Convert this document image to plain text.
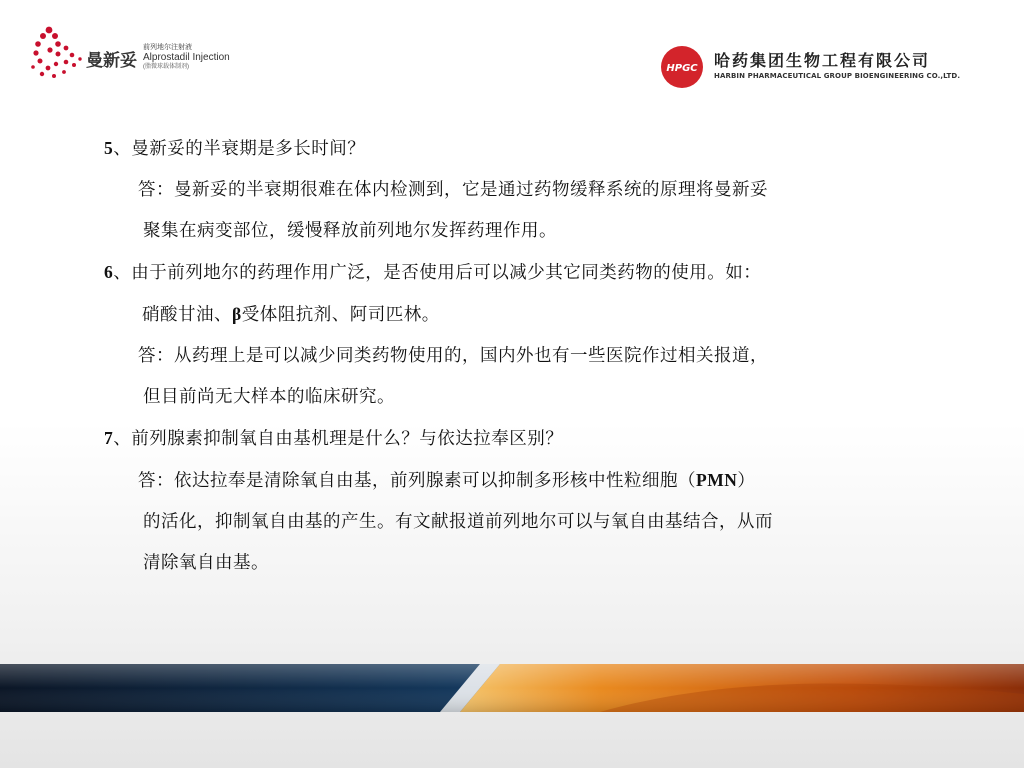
曼新妥
前列地尔注射液
Alprostadil Injection
(脂微球载体制剂)	HPGC 哈药集团生物工程有限公司
HARBIN PHARMACEUTICAL GROUP BIOENGINEERING CO.,LTD.
5、曼新妥的半衰期是多长时间？
答：曼新妥的半衰期很难在体内检测到，它是通过药物缓释系统的原理将曼新妥
聚集在病变部位，缓慢释放前列地尔发挥药理作用。
6、由于前列地尔的药理作用广泛，是否使用后可以减少其它同类药物的使用。如：
硝酸甘油、β受体阻抗剂、阿司匹林。
答：从药理上是可以减少同类药物使用的，国内外也有一些医院作过相关报道，
但目前尚无大样本的临床研究。
7、前列腺素抑制氧自由基机理是什么？与依达拉奉区别？
答：依达拉奉是清除氧自由基，前列腺素可以抑制多形核中性粒细胞（PMN）
的活化，抑制氧自由基的产生。有文献报道前列地尔可以与氧自由基结合，从而
清除氧自由基。
